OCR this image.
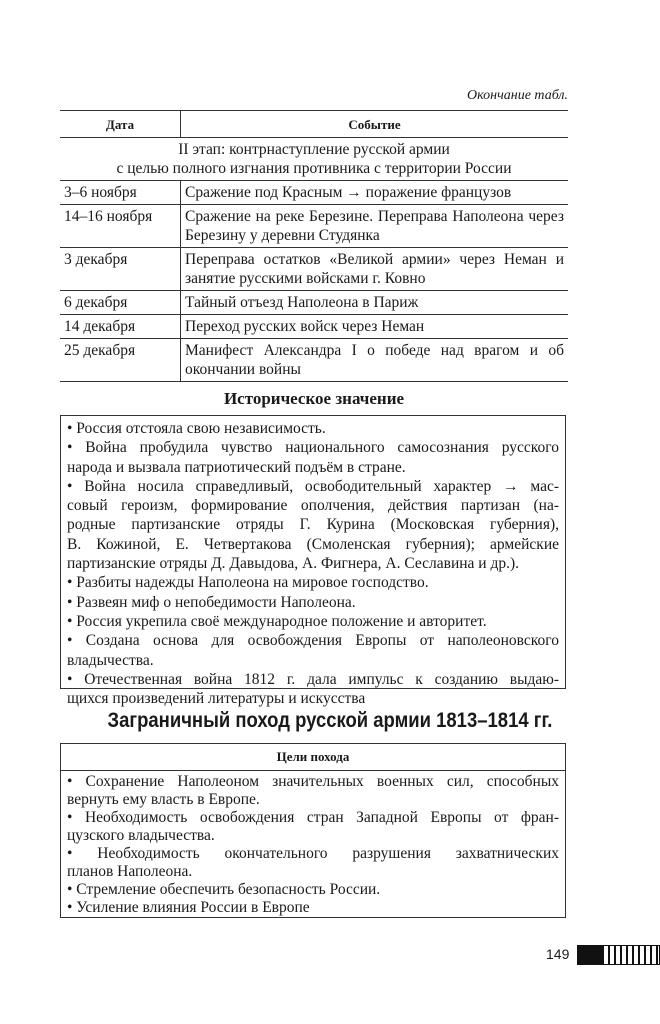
Окончание табл.
Дата	Событие

II этап: контрнаступление русской армии
с целью полного изгнания противника с территории России	

3–6 ноября	Сражение под Красным → поражение французов
14–16 ноября	Сражение на реке Березине. Переправа Наполеона через Березину у деревни Студянка
3 декабря	Переправа остатков «Великой армии» через Неман и занятие русскими войсками г. Ковно
6 декабря	Тайный отъезд Наполеона в Париж
14 декабря	Переход русских войск через Неман
25 декабря	Манифест Александра I о победе над врагом и об окончании войны
Историческое значение
• Россия отстояла свою независимость.
• Война пробудила чувство национального самосознания русского
народа и вызвала патриотический подъём в стране.
• Война носила справедливый, освободительный характер → мас-
совый героизм, формирование ополчения, действия партизан (на-
родные партизанские отряды Г. Курина (Московская губерния),
В. Кожиной, Е. Четвертакова (Смоленская губерния); армейские
партизанские отряды Д. Давыдова, А. Фигнера, А. Сеславина и др.).
• Разбиты надежды Наполеона на мировое господство.
• Развеян миф о непобедимости Наполеона.
• Россия укрепила своё международное положение и авторитет.
• Создана основа для освобождения Европы от наполеоновского
владычества.
• Отечественная война 1812 г. дала импульс к созданию выдаю-
щихся произведений литературы и искусства
Заграничный поход русской армии 1813–1814 гг.
Цели похода
• Сохранение Наполеоном значительных военных сил, способных
вернуть ему власть в Европе.
• Необходимость освобождения стран Западной Европы от фран-
цузского владычества.
• Необходимость окончательного разрушения захватнических
планов Наполеона.
• Стремление обеспечить безопасность России.
• Усиление влияния России в Европе
149
